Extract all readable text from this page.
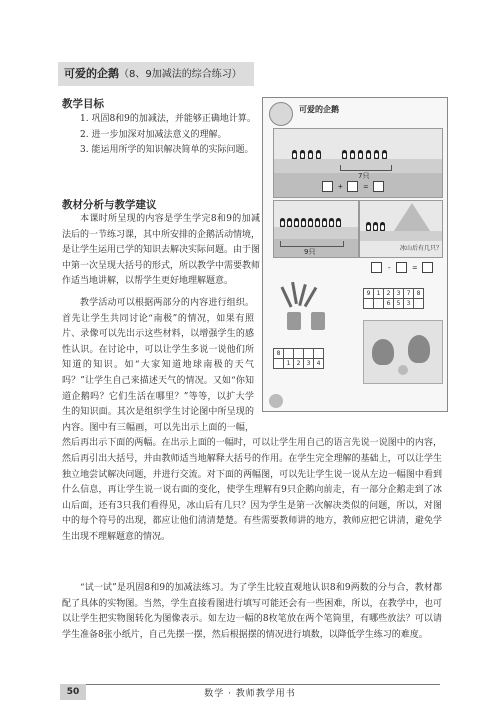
可爱的企鹅（8、9加减法的综合练习）
教学目标
1. 巩固8和9的加减法，并能够正确地计算。
2. 进一步加深对加减法意义的理解。
3. 能运用所学的知识解决简单的实际问题。
教材分析与教学建议
本课时所呈现的内容是学生学完8和9的加减法后的一节练习课，其中所安排的企鹅活动情境，是让学生运用已学的知识去解决实际问题。由于图中第一次呈现大括号的形式，所以教学中需要教师作适当地讲解，以帮学生更好地理解题意。
教学活动可以根据两部分的内容进行组织。首先让学生共同讨论“南极”的情况，如果有照片、录像可以先出示这些材料，以增强学生的感性认识。在讨论中，可以让学生多说一说他们所知道的知识。如“大家知道地球南极的天气吗？”让学生自己来描述天气的情况。又如“你知道企鹅吗？它们生活在哪里？”等等，以扩大学生的知识面。其次是组织学生讨论图中所呈现的内容。图中有三幅画，可以先出示上面的一幅，然后再出示下面的两幅。在出示上面的一幅时，可以让学生用自己的语言先说一说图中的内容，然后再引出大括号，并由教师适当地解释大括号的作用。在学生完全理解的基础上，可以让学生独立地尝试解决问题，并进行交流。对下面的两幅图，可以先让学生说一说从左边一幅图中看到什么信息，再让学生说一说右面的变化，使学生理解有9只企鹅向前走，有一部分企鹅走到了冰山后面，还有3只我们看得见，冰山后有几只？因为学生是第一次解决类似的问题，所以，对图中的每个符号的出现，都应让他们清清楚楚。有些需要教师讲的地方，教师应把它讲清，避免学生出现不理解题意的情况。
“试一试”是巩固8和9的加减法练习。为了学生比较直观地认识8和9两数的分与合，教材都配了具体的实物图。当然，学生直接看图进行填写可能还会有一些困难，所以，在教学中，也可以让学生把实物图转化为图像表示。如左边一幅的8枚笔放在两个笔筒里，有哪些放法？可以请学生准备8张小纸片，自己先摆一摆，然后根据摆的情况进行填数，以降低学生练习的难度。
可爱的企鹅
7只
+	=
9只	冰山后有几只？
-	=
8				
	1	2	3	4
9	1	2	3	7	8
		6	5	3	
50	数学 · 教师教学用书
